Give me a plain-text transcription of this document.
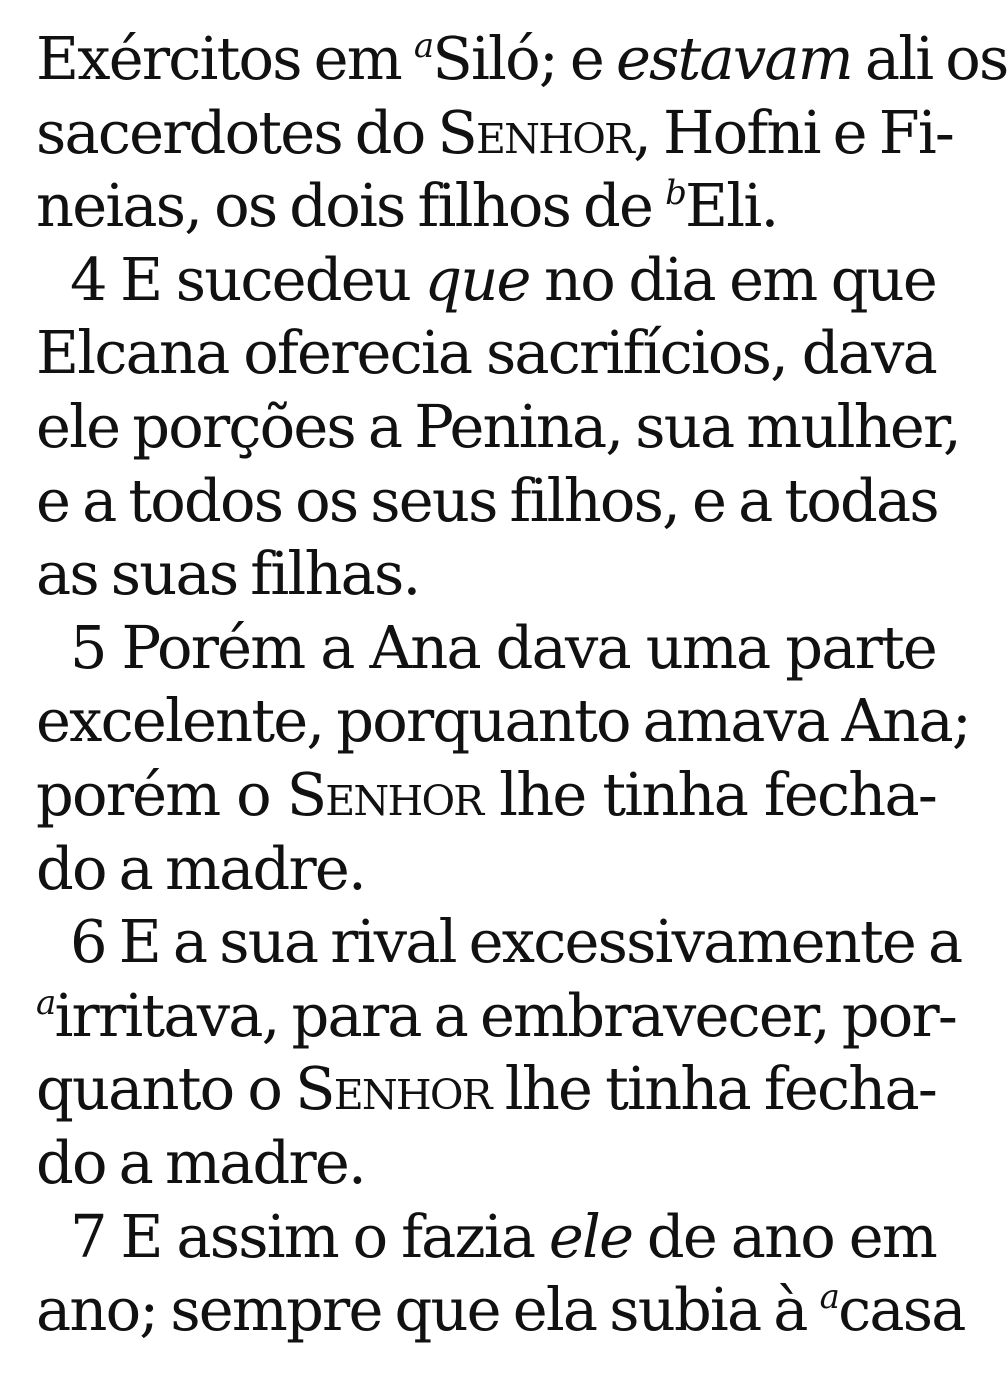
Exércitos em $^a$Siló; e estavam ali os
sacerdotes do Senhor, Hofni e Fi-
neias, os dois filhos de $^b$Eli.
4 E sucedeu que no dia em que
Elcana oferecia sacrifícios, dava
ele porções a Penina, sua mulher,
e a todos os seus filhos, e a todas
as suas filhas.
5 Porém a Ana dava uma parte
excelente, porquanto amava Ana;
porém o Senhor lhe tinha fecha-
do a madre.
6 E a sua rival excessivamente a
$^a$irritava, para a embravecer, por-
quanto o Senhor lhe tinha fecha-
do a madre.
7 E assim o fazia ele de ano em
ano; sempre que ela subia à $^a$casa
